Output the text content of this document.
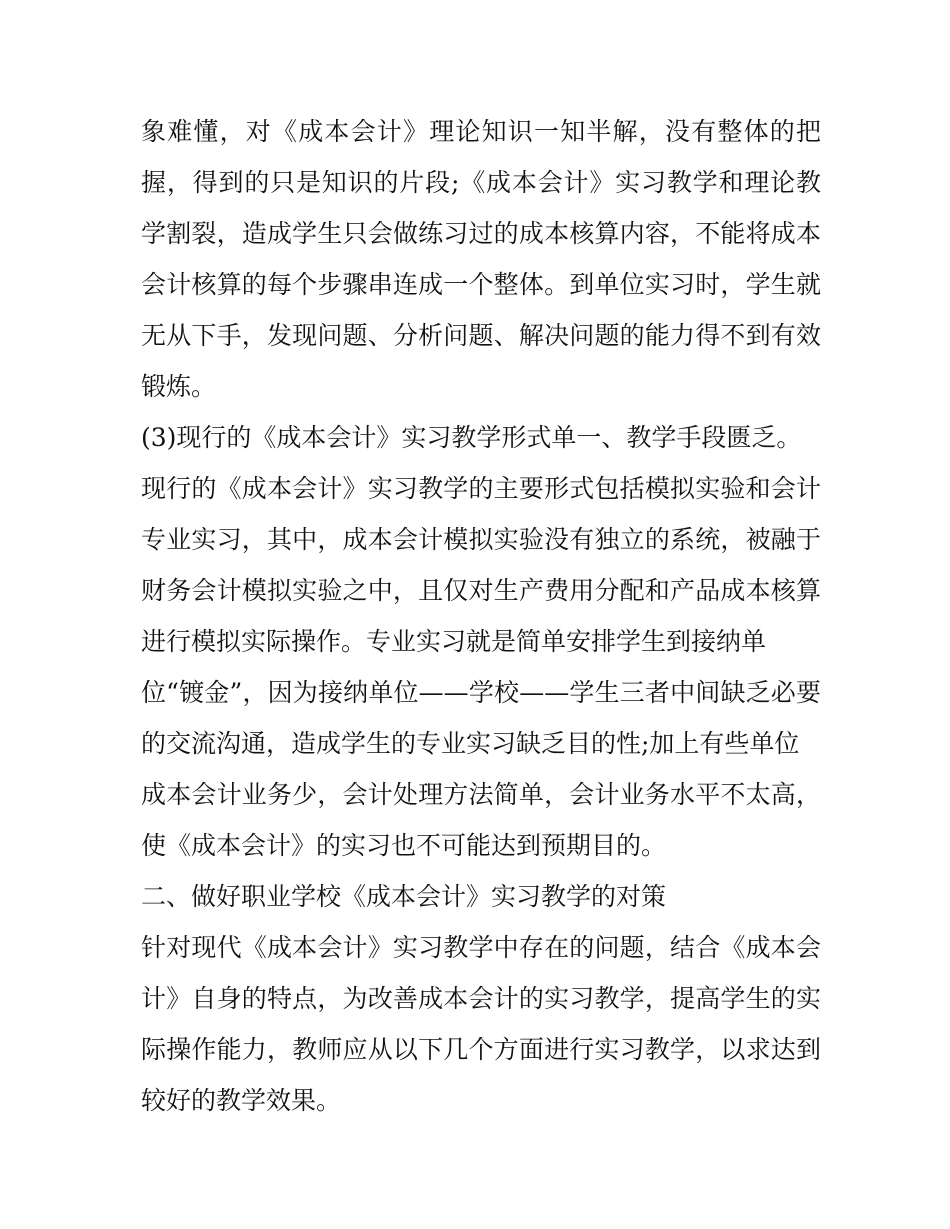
象难懂，对《成本会计》理论知识一知半解，没有整体的把
握，得到的只是知识的片段;《成本会计》实习教学和理论教
学割裂，造成学生只会做练习过的成本核算内容，不能将成本
会计核算的每个步骤串连成一个整体。到单位实习时，学生就
无从下手，发现问题、分析问题、解决问题的能力得不到有效
锻炼。
(3)现行的《成本会计》实习教学形式单一、教学手段匮乏。
现行的《成本会计》实习教学的主要形式包括模拟实验和会计
专业实习，其中，成本会计模拟实验没有独立的系统，被融于
财务会计模拟实验之中，且仅对生产费用分配和产品成本核算
进行模拟实际操作。专业实习就是简单安排学生到接纳单
位“镀金”，因为接纳单位——学校——学生三者中间缺乏必要
的交流沟通，造成学生的专业实习缺乏目的性;加上有些单位
成本会计业务少，会计处理方法简单，会计业务水平不太高，
使《成本会计》的实习也不可能达到预期目的。
二、做好职业学校《成本会计》实习教学的对策
针对现代《成本会计》实习教学中存在的问题，结合《成本会
计》自身的特点，为改善成本会计的实习教学，提高学生的实
际操作能力，教师应从以下几个方面进行实习教学，以求达到
较好的教学效果。
